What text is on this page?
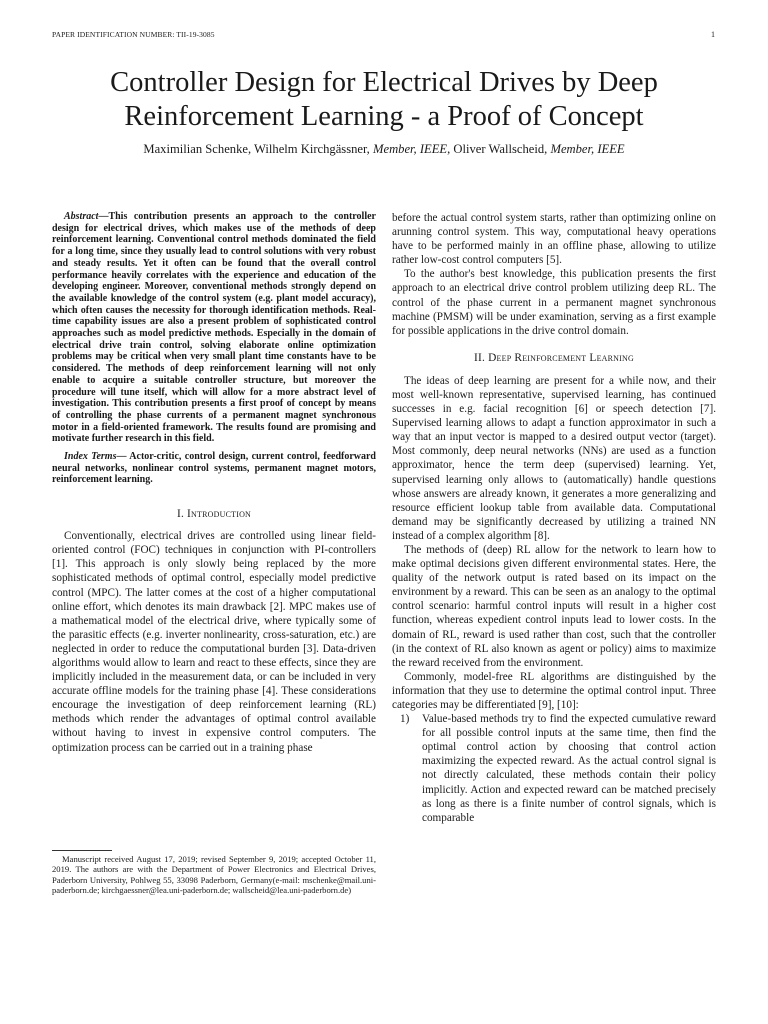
PAPER IDENTIFICATION NUMBER: TII-19-3085	1
Controller Design for Electrical Drives by Deep
Reinforcement Learning - a Proof of Concept
Maximilian Schenke, Wilhelm Kirchgässner, Member, IEEE, Oliver Wallscheid, Member, IEEE

Abstract—This contribution presents an approach to the controller design for electrical drives, which makes use of the methods of deep reinforcement learning. Conventional control methods dominated the field for a long time, since they usually lead to control solutions with very robust and steady results. Yet it often can be found that the overall control performance heavily correlates with the experience and education of the developing engineer. Moreover, conventional methods strongly depend on the available knowledge of the control system (e.g. plant model accuracy), which often causes the necessity for thorough identification methods. Real-time capability issues are also a present problem of sophisticated control approaches such as model predictive methods. Especially in the domain of electrical drive train control, solving elaborate online optimization problems may be critical when very small plant time constants have to be considered. The methods of deep reinforcement learning will not only enable to acquire a suitable controller structure, but moreover the procedure will tune itself, which will allow for a more abstract level of investigation. This contribution presents a first proof of concept by means of controlling the phase currents of a permanent magnet synchronous motor in a field-oriented framework. The results found are promising and motivate further research in this field.

Index Terms— Actor-critic, control design, current control, feedforward neural networks, nonlinear control systems, permanent magnet motors, reinforcement learning.

I. Introduction

Conventionally, electrical drives are controlled using linear field-oriented control (FOC) techniques in conjunction with PI-controllers [1]. This approach is only slowly being replaced by the more sophisticated methods of optimal control, especially model predictive control (MPC). The latter comes at the cost of a higher computational online effort, which denotes its main drawback [2]. MPC makes use of a mathematical model of the electrical drive, where typically some of the parasitic effects (e.g. inverter nonlinearity, cross-saturation, etc.) are neglected in order to reduce the computational burden [3]. Data-driven algorithms would allow to learn and react to these effects, since they are implicitly included in the measurement data, or can be included in very accurate offline models for the training phase [4]. These considerations encourage the investigation of deep reinforcement learning (RL) methods which render the advantages of optimal control available without having to invest in expensive control computers. The optimization process can be carried out in a training phase

Manuscript received August 17, 2019; revised September 9, 2019; accepted October 11, 2019. The authors are with the Department of Power Electronics and Electrical Drives, Paderborn University, Pohlweg 55, 33098 Paderborn, Germany(e-mail: mschenke@mail.uni-paderborn.de; kirchgaessner@lea.uni-paderborn.de; wallscheid@lea.uni-paderborn.de)

before the actual control system starts, rather than optimizing online on arunning control system. This way, computational heavy operations have to be performed mainly in an offline phase, allowing to utilize rather low-cost control computers [5].

To the author's best knowledge, this publication presents the first approach to an electrical drive control problem utilizing deep RL. The control of the phase current in a permanent magnet synchronous machine (PMSM) will be under examination, serving as a first example for possible applications in the drive control domain.

II. Deep Reinforcement Learning

The ideas of deep learning are present for a while now, and their most well-known representative, supervised learning, has continued successes in e.g. facial recognition [6] or speech detection [7]. Supervised learning allows to adapt a function approximator in such a way that an input vector is mapped to a desired output vector (target). Most commonly, deep neural networks (NNs) are used as a function approximator, hence the term deep (supervised) learning. Yet, supervised learning only allows to (automatically) handle questions whose answers are already known, it generates a more generalizing and resource efficient lookup table from available data. Computational demand may be significantly decreased by utilizing a trained NN instead of a complex algorithm [8].

The methods of (deep) RL allow for the network to learn how to make optimal decisions given different environmental states. Here, the quality of the network output is rated based on its impact on the environment by a reward. This can be seen as an analogy to the optimal control scenario: harmful control inputs will result in a higher cost function, whereas expedient control inputs lead to lower costs. In the domain of RL, reward is used rather than cost, such that the controller (in the context of RL also known as agent or policy) aims to maximize the reward received from the environment.

Commonly, model-free RL algorithms are distinguished by the information that they use to determine the optimal control input. Three categories may be differentiated [9], [10]:

1)	Value-based methods try to find the expected cumulative reward for all possible control inputs at the same time, then find the optimal control action by choosing that control action maximizing the expected reward. As the actual control signal is not directly calculated, these methods contain their policy implicitly. Action and expected reward can be matched precisely as long as there is a finite number of control signals, which is comparable
